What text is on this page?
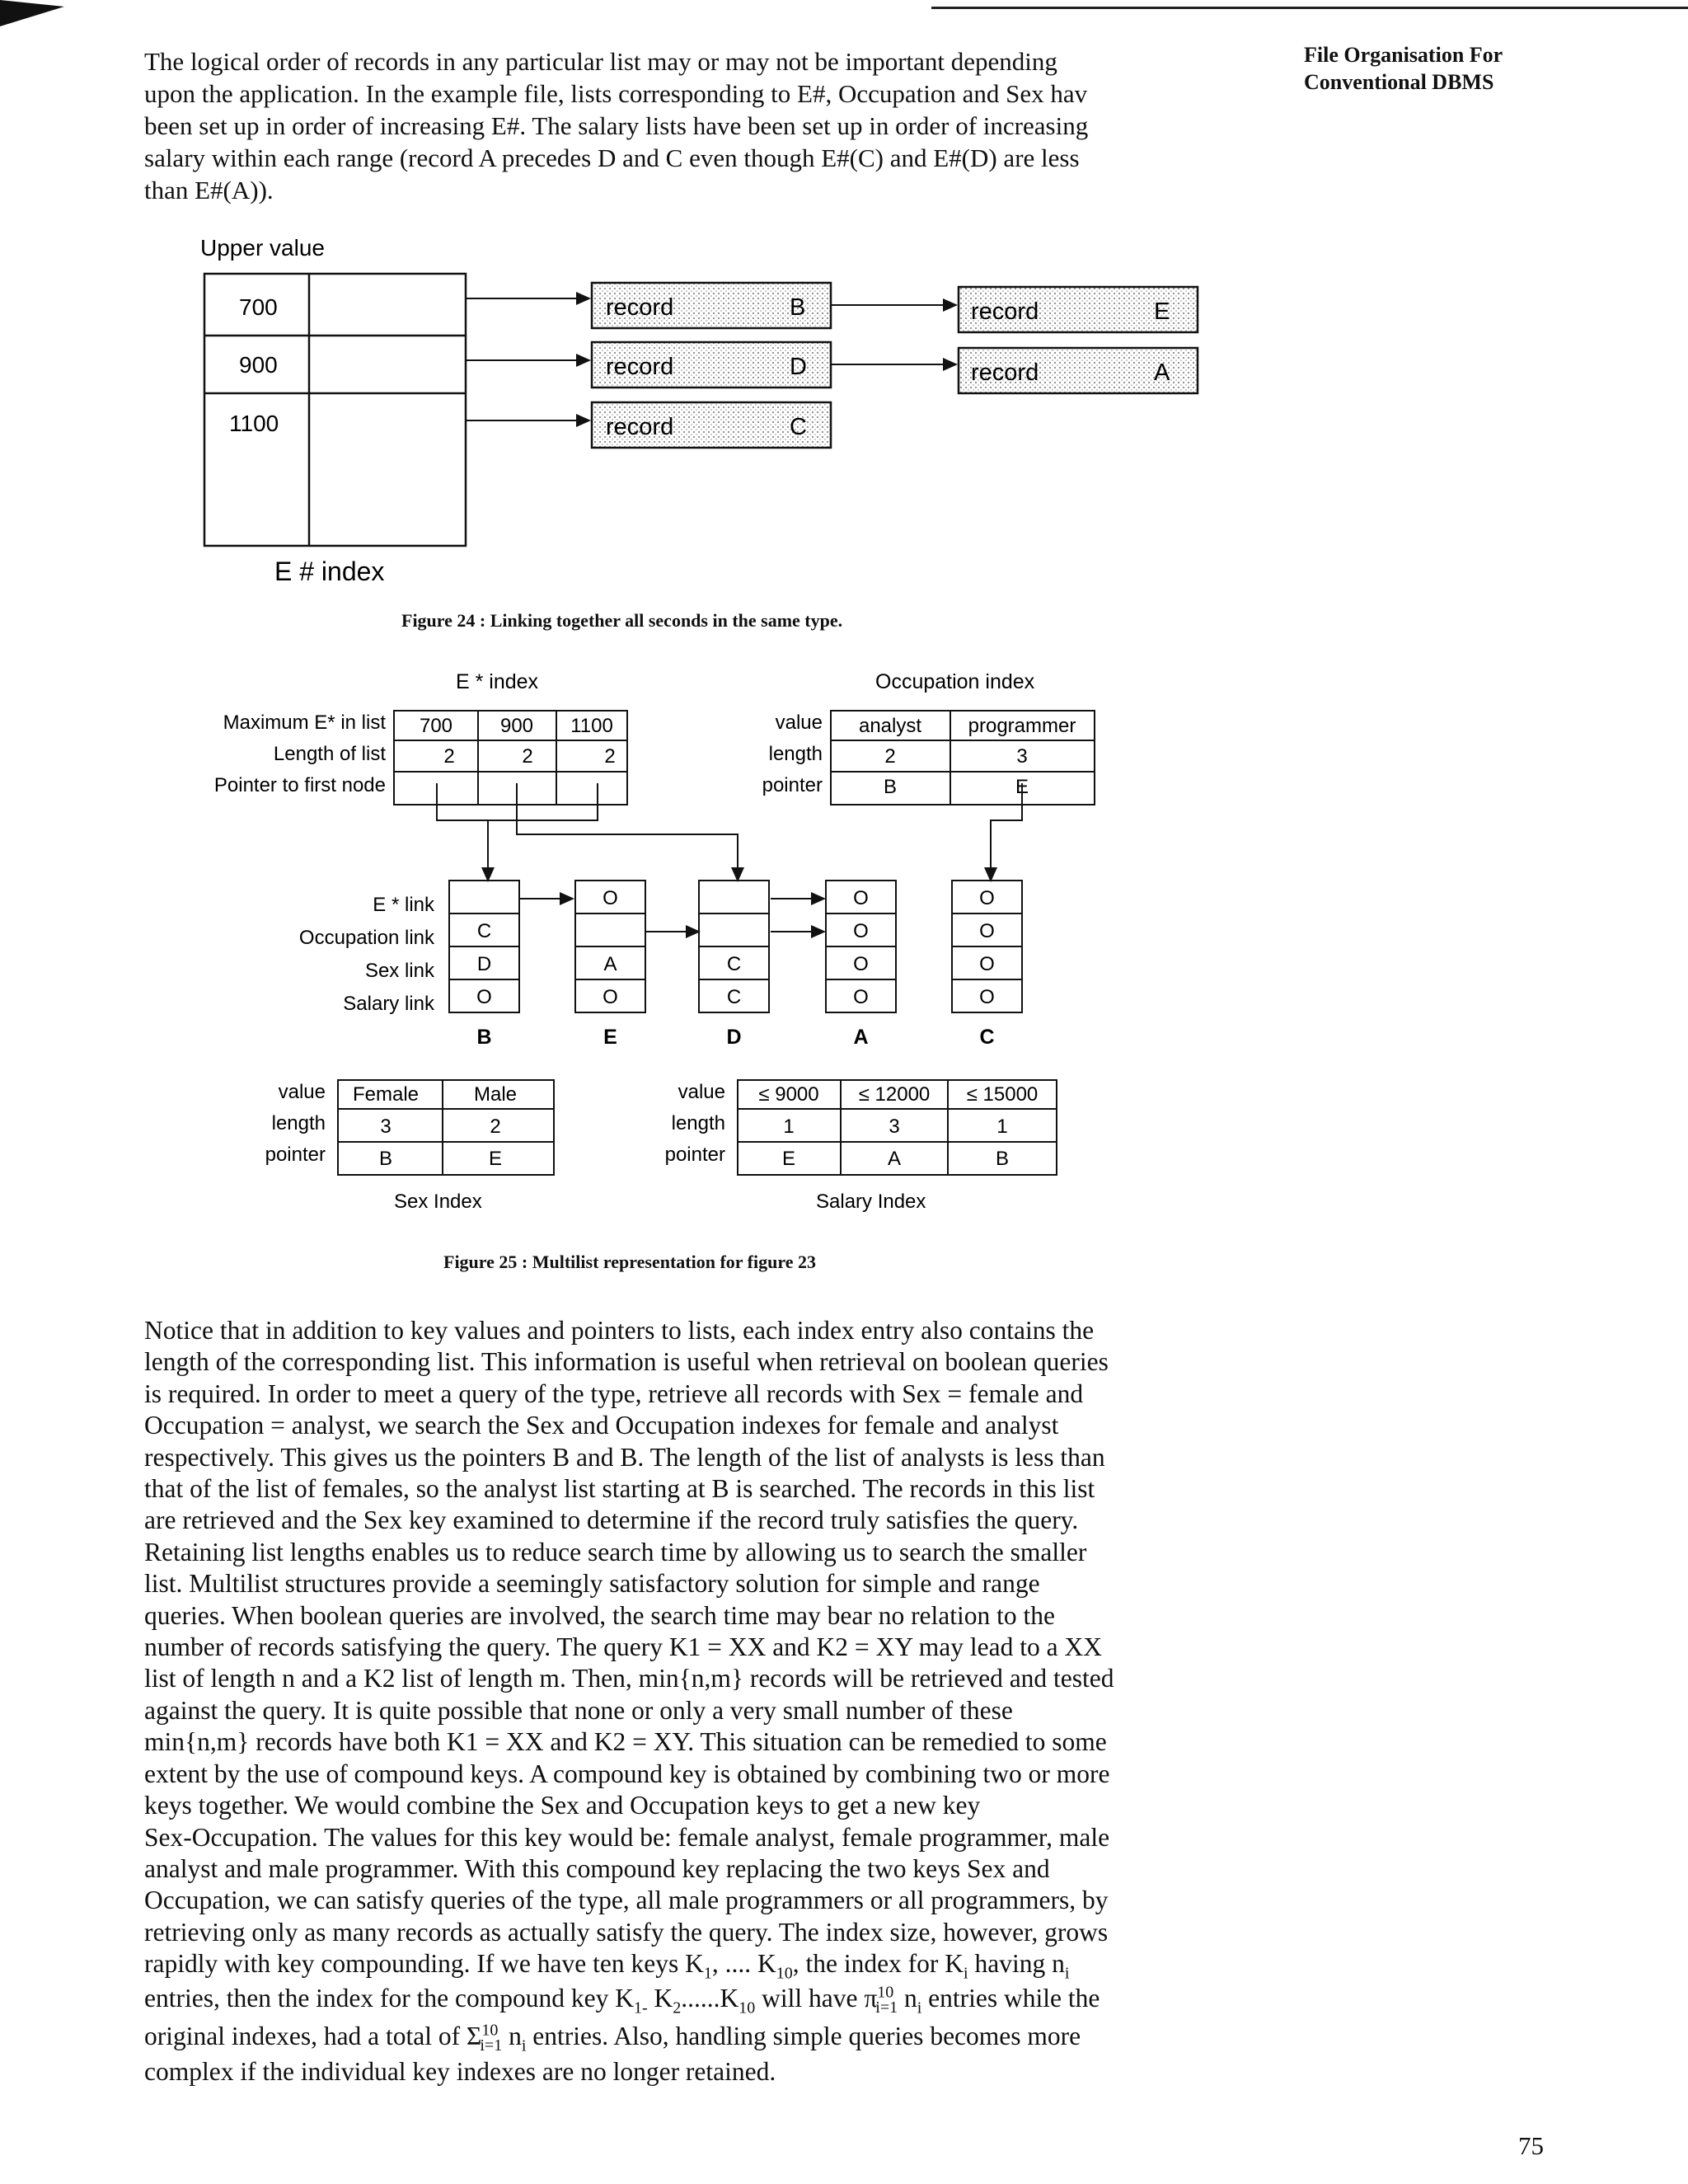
File Organisation For
Conventional DBMS
The logical order of records in any particular list may or may not be important depending
upon the application. In the example file, lists corresponding to E#, Occupation and Sex hav
been set up in order of increasing E#. The salary lists have been set up in order of increasing
salary within each range (record A precedes D and C even though E#(C) and E#(D) are less
than E#(A)).
Upper value
700
900
1100
E # index
record	B
record	D
record	C
record	E
record	A
Figure 24 : Linking together all seconds in the same type.
E * index
Maximum E* in list
Length of list
Pointer to first node
700 900 1100
2	2	2
Occupation index
value
length
pointer
analyst programmer
2	3
B	E
E * link
Occupation link
Sex link
Salary link
C
D
O
B
O
A
O
E
C
C
D
O
O
O
O
A
O
O
O
O
C
value
length
pointer
Female	Male
3	2
B	E
Sex Index
value
length
pointer
≤ 9000 ≤ 12000 ≤ 15000
1	3	1
E	A	B
Salary Index
Figure 25 : Multilist representation for figure 23
Notice that in addition to key values and pointers to lists, each index entry also contains the
length of the corresponding list. This information is useful when retrieval on boolean queries
is required. In order to meet a query of the type, retrieve all records with Sex = female and
Occupation = analyst, we search the Sex and Occupation indexes for female and analyst
respectively. This gives us the pointers B and B. The length of the list of analysts is less than
that of the list of females, so the analyst list starting at B is searched. The records in this list
are retrieved and the Sex key examined to determine if the record truly satisfies the query.
Retaining list lengths enables us to reduce search time by allowing us to search the smaller
list. Multilist structures provide a seemingly satisfactory solution for simple and range
queries. When boolean queries are involved, the search time may bear no relation to the
number of records satisfying the query. The query K1 = XX and K2 = XY may lead to a XX
list of length n and a K2 list of length m. Then, min{n,m} records will be retrieved and tested
against the query. It is quite possible that none or only a very small number of these
min{n,m} records have both K1 = XX and K2 = XY. This situation can be remedied to some
extent by the use of compound keys. A compound key is obtained by combining two or more
keys together. We would combine the Sex and Occupation keys to get a new key
Sex-Occupation. The values for this key would be: female analyst, female programmer, male
analyst and male programmer. With this compound key replacing the two keys Sex and
Occupation, we can satisfy queries of the type, all male programmers or all programmers, by
retrieving only as many records as actually satisfy the query. The index size, however, grows
rapidly with key compounding. If we have ten keys $K_1$, .... $K_{10}$, the index for $K_i$ having $n_i$
entries, then the index for the compound key $K_{1-}$ $K_2......K_{10}$ will have $\pi^{10}_{i=1}$ $n_i$ entries while the
original indexes, had a total of $\Sigma^{10}_{i=1}$ $n_i$ entries. Also, handling simple queries becomes more
complex if the individual key indexes are no longer retained.
75
